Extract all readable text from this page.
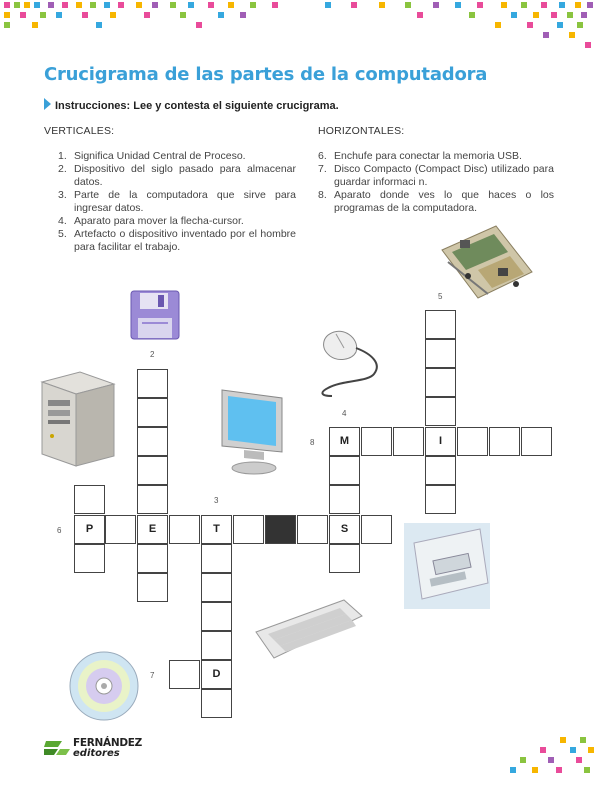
Crucigrama de las partes de la computadora
Instrucciones: Lee y contesta el siguiente crucigrama.
VERTICALES:
1. Significa Unidad Central de Proceso.
2. Dispositivo del siglo pasado para almacenar datos.
3. Parte de la computadora que sirve para ingresar datos.
4. Aparato para mover la flecha-cursor.
5. Artefacto o dispositivo inventado por el hombre para facilitar el trabajo.
HORIZONTALES:
6. Enchufe para conectar la memoria USB.
7. Disco Compacto (Compact Disc) utilizado para guardar informaci n.
8. Aparato donde ves lo que haces o los programas de la computadora.
2
3
4
5
6
7
8
P	E	T	S
D
M	I
FERNÁNDEZ
editores
